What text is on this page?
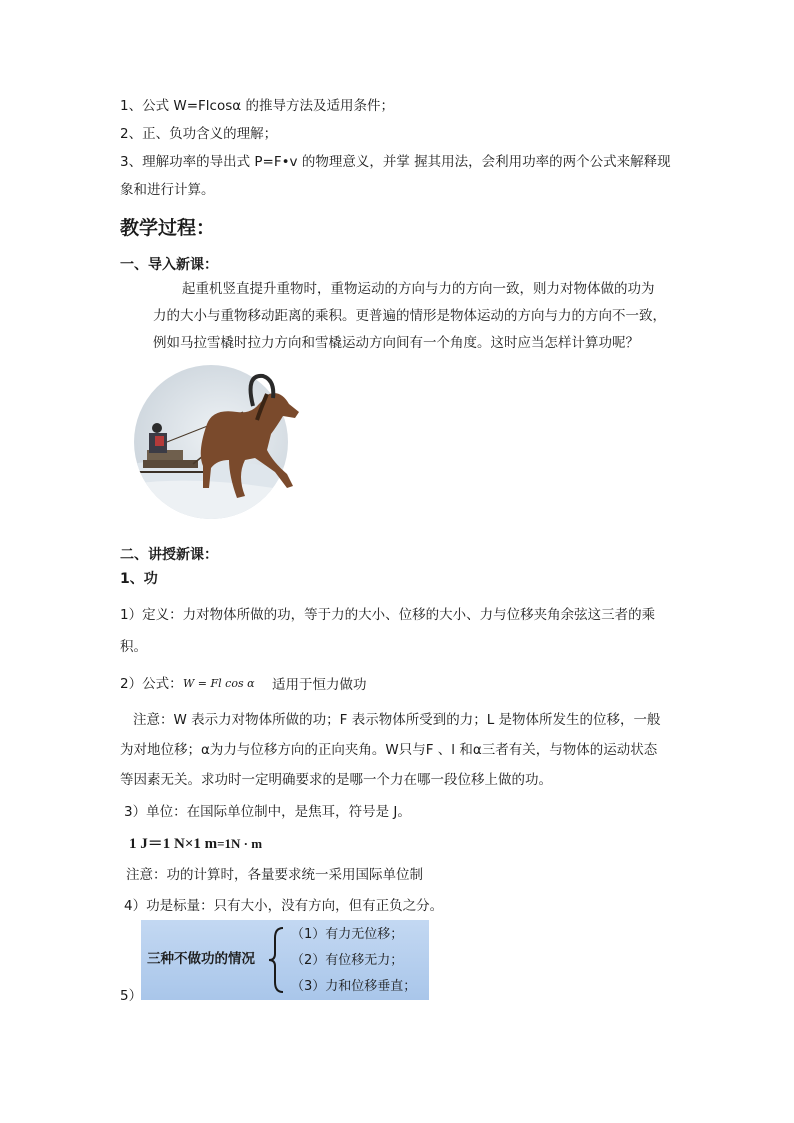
1、公式 W=Flcosα 的推导方法及适用条件；
2、正、负功含义的理解；
3、理解功率的导出式 P=F•v 的物理意义，并掌 握其用法，会利用功率的两个公式来解释现
象和进行计算。
教学过程：
一、导入新课：
起重机竖直提升重物时，重物运动的方向与力的方向一致，则力对物体做的功为
力的大小与重物移动距离的乘积。更普遍的情形是物体运动的方向与力的方向不一致，
例如马拉雪橇时拉力方向和雪橇运动方向间有一个角度。这时应当怎样计算功呢？
二、讲授新课：
1、功
1）定义：力对物体所做的功，等于力的大小、位移的大小、力与位移夹角余弦这三者的乘
积。
2）公式： W = Fl cos α 适用于恒力做功
注意：W 表示力对物体所做的功；F 表示物体所受到的力；L 是物体所发生的位移，一般
为对地位移；α为力与位移方向的正向夹角。W只与F 、l 和α三者有关，与物体的运动状态
等因素无关。求功时一定明确要求的是哪一个力在哪一段位移上做的功。
3）单位：在国际单位制中，是焦耳，符号是 J。
1 J＝1 N×1 m=1N · m
注意：功的计算时，各量要求统一采用国际单位制
4）功是标量：只有大小，没有方向，但有正负之分。
三种不做功的情况
（1）有力无位移；
（2）有位移无力；
（3）力和位移垂直；
5）
